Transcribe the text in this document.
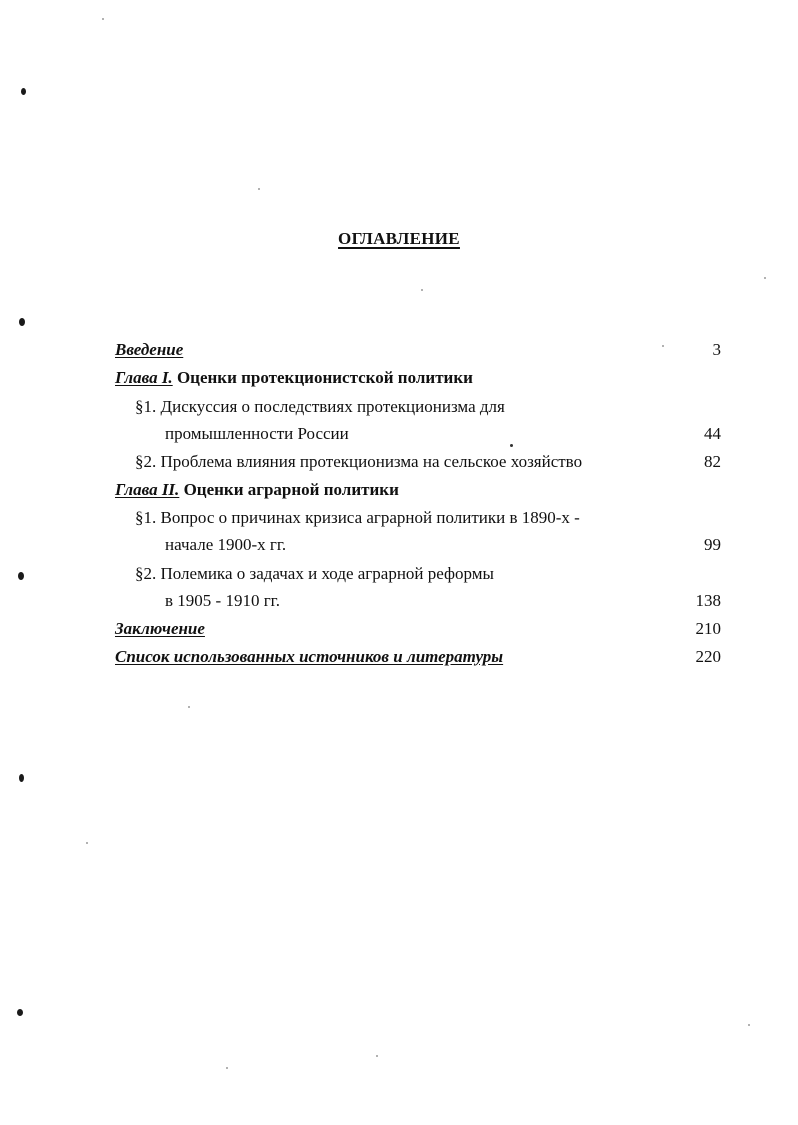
ОГЛАВЛЕНИЕ
Введение	3
Глава I. Оценки протекционистской политики
§1. Дискуссия о последствиях протекционизма для
промышленности России	44
§2. Проблема влияния протекционизма на сельское хозяйство	82
Глава II. Оценки аграрной политики
§1. Вопрос о причинах кризиса аграрной политики в 1890-х -
начале 1900-х гг.	99
§2. Полемика о задачах и ходе аграрной реформы
в 1905 - 1910 гг.	138
Заключение	210
Список использованных источников и литературы	220
